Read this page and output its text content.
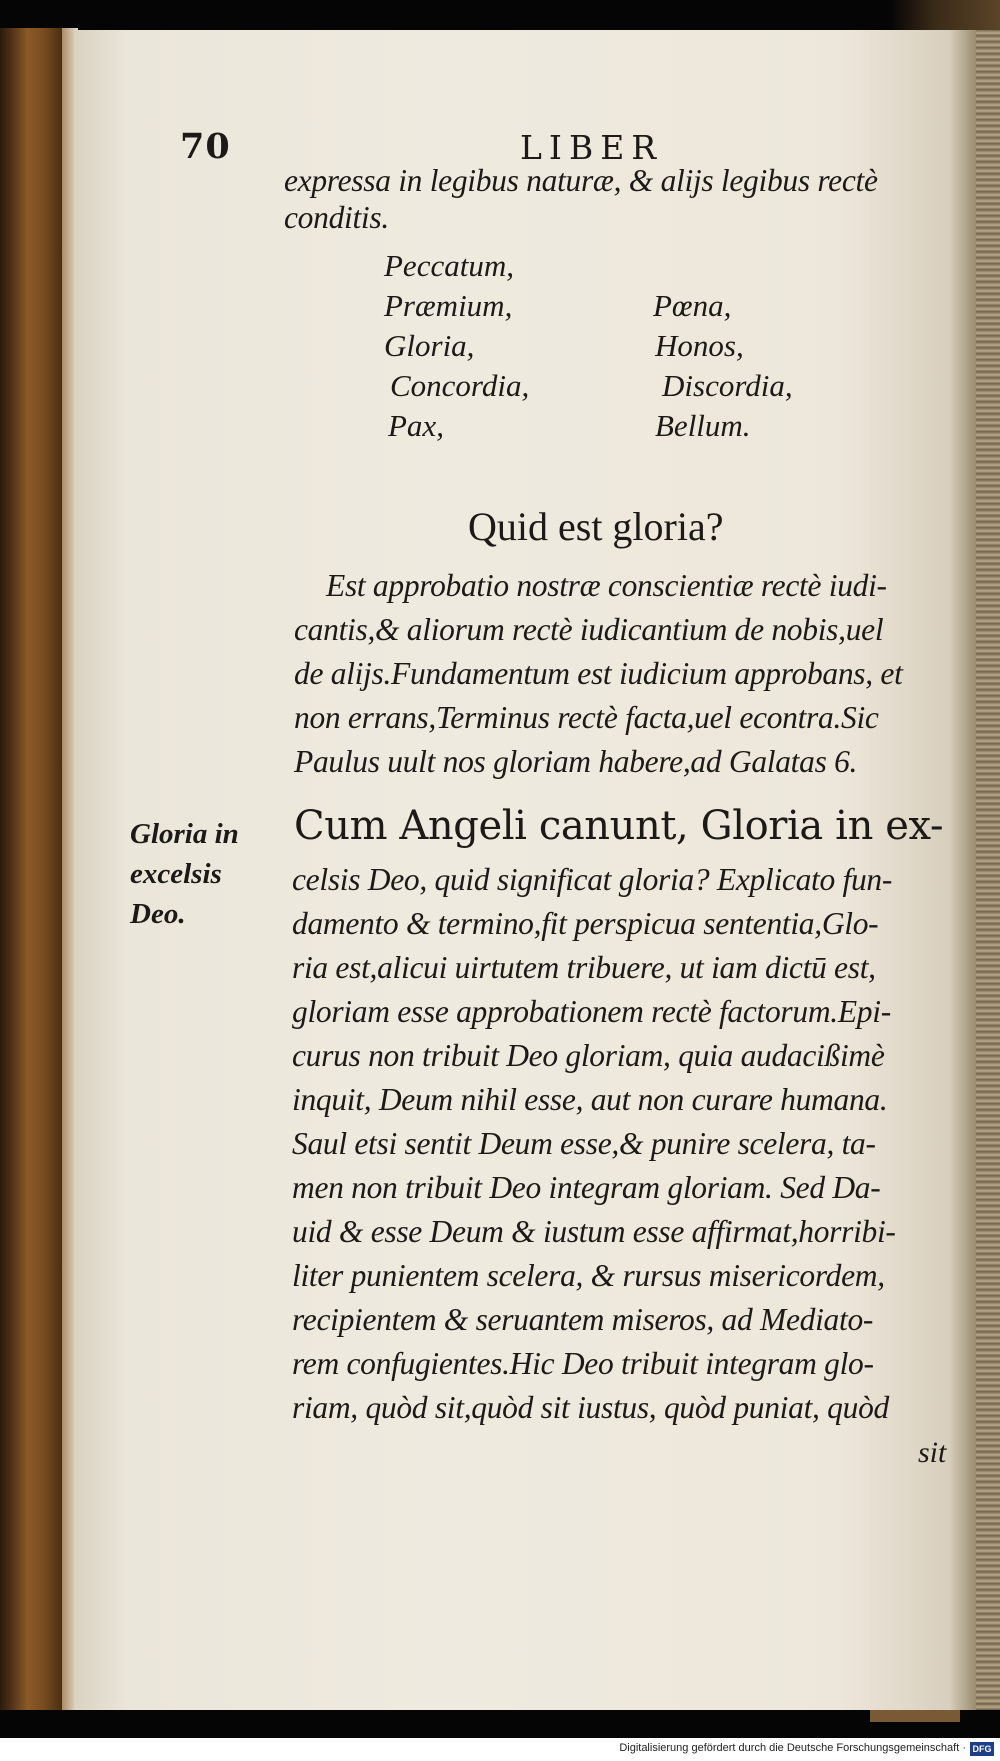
70	LIBER
expressa in legibus naturæ, & alijs legibus rectè
conditis.
Peccatum,
Præmium,
Gloria,
Concordia,
Pax,
Pœna,
Honos,
Discordia,
Bellum.
Quid est gloria?
Est approbatio nostræ conscientiæ rectè iudi-
cantis,& aliorum rectè iudicantium de nobis,uel
de alijs.Fundamentum est iudicium approbans, et
non errans,Terminus rectè facta,uel econtra.Sic
Paulus uult nos gloriam habere,ad Galatas 6.
Gloria in
excelsis
Deo.
Cum Angeli canunt, Gloria in ex-
celsis Deo, quid significat gloria? Explicato fun-
damento & termino,fit perspicua sententia,Glo-
ria est,alicui uirtutem tribuere, ut iam dictū est,
gloriam esse approbationem rectè factorum.Epi-
curus non tribuit Deo gloriam, quia audacißimè
inquit, Deum nihil esse, aut non curare humana.
Saul etsi sentit Deum esse,& punire scelera, ta-
men non tribuit Deo integram gloriam. Sed Da-
uid & esse Deum & iustum esse affirmat,horribi-
liter punientem scelera, & rursus misericordem,
recipientem & seruantem miseros, ad Mediato-
rem confugientes.Hic Deo tribuit integram glo-
riam, quòd sit,quòd sit iustus, quòd puniat, quòd
sit
Digitalisierung gefördert durch die Deutsche Forschungsgemeinschaft · DFG
